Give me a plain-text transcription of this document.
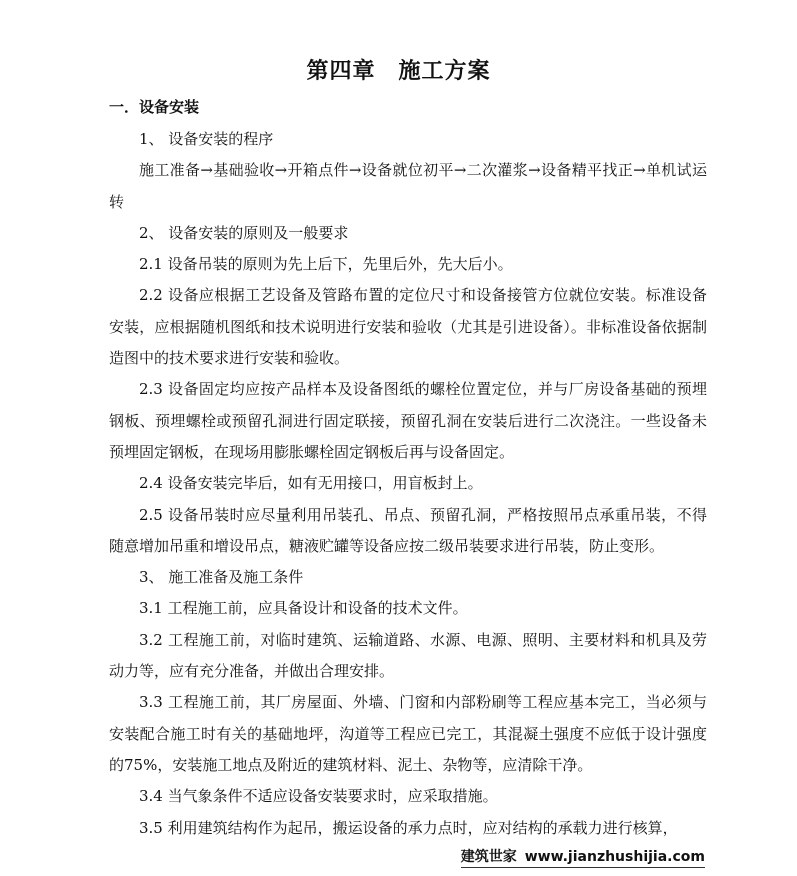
第四章　施工方案
一．设备安装

1、 设备安装的程序

施工准备→基础验收→开箱点件→设备就位初平→二次灌浆→设备精平找正→单机试运转

2、 设备安装的原则及一般要求

2.1 设备吊装的原则为先上后下，先里后外，先大后小。

2.2 设备应根据工艺设备及管路布置的定位尺寸和设备接管方位就位安装。标准设备安装，应根据随机图纸和技术说明进行安装和验收（尤其是引进设备）。非标准设备依据制造图中的技术要求进行安装和验收。

2.3 设备固定均应按产品样本及设备图纸的螺栓位置定位，并与厂房设备基础的预埋钢板、预埋螺栓或预留孔洞进行固定联接，预留孔洞在安装后进行二次浇注。一些设备未预埋固定钢板，在现场用膨胀螺栓固定钢板后再与设备固定。

2.4 设备安装完毕后，如有无用接口，用盲板封上。

2.5 设备吊装时应尽量利用吊装孔、吊点、预留孔洞，严格按照吊点承重吊装，不得随意增加吊重和增设吊点，糖液贮罐等设备应按二级吊装要求进行吊装，防止变形。

3、 施工准备及施工条件

3.1 工程施工前，应具备设计和设备的技术文件。

3.2 工程施工前，对临时建筑、运输道路、水源、电源、照明、主要材料和机具及劳动力等，应有充分准备，并做出合理安排。

3.3 工程施工前，其厂房屋面、外墙、门窗和内部粉刷等工程应基本完工，当必须与安装配合施工时有关的基础地坪，沟道等工程应已完工，其混凝土强度不应低于设计强度的75%，安装施工地点及附近的建筑材料、泥土、杂物等，应清除干净。

3.4 当气象条件不适应设备安装要求时，应采取措施。

3.5 利用建筑结构作为起吊，搬运设备的承力点时，应对结构的承载力进行核算，

建筑世家 www.jianzhushijia.com
